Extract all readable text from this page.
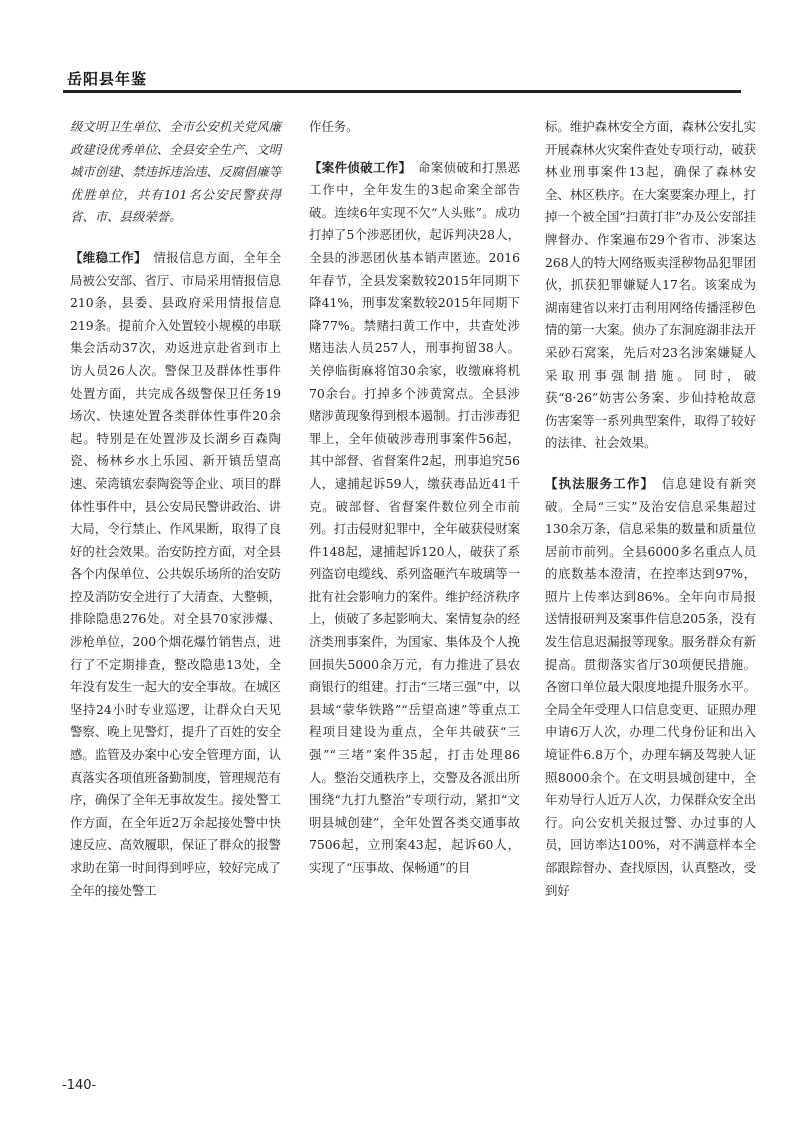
岳阳县年鉴

级文明卫生单位、全市公安机关党风廉政建设优秀单位、全县安全生产、文明城市创建、禁违拆违治违、反腐倡廉等优胜单位，共有101名公安民警获得省、市、县级荣誉。

【维稳工作】  情报信息方面，全年全局被公安部、省厅、市局采用情报信息210条，县委、县政府采用情报信息219条。提前介入处置较小规模的串联集会活动37次，劝返进京赴省到市上访人员26人次。警保卫及群体性事件处置方面，共完成各级警保卫任务19场次、快速处置各类群体性事件20余起。特别是在处置涉及长湖乡百森陶瓷、杨林乡水上乐园、新开镇岳望高速、荣湾镇宏泰陶瓷等企业、项目的群体性事件中，县公安局民警讲政治、讲大局，令行禁止、作风果断，取得了良好的社会效果。治安防控方面，对全县各个内保单位、公共娱乐场所的治安防控及消防安全进行了大清查、大整顿，排除隐患276处。对全县70家涉爆、涉枪单位，200个烟花爆竹销售点，进行了不定期排查，整改隐患13处，全年没有发生一起大的安全事故。在城区坚持24小时专业巡逻，让群众白天见警察、晚上见警灯，提升了百姓的安全感。监管及办案中心安全管理方面，认真落实各项值班备勤制度，管理规范有序，确保了全年无事故发生。接处警工作方面，在全年近2万余起接处警中快速反应、高效履职，保证了群众的报警求助在第一时间得到呼应，较好完成了全年的接处警工

作任务。

【案件侦破工作】  命案侦破和打黑恶工作中，全年发生的3起命案全部告破。连续6年实现不欠“人头账”。成功打掉了5个涉恶团伙，起诉判决28人，全县的涉恶团伙基本销声匿迹。2016年春节，全县发案数较2015年同期下降41%，刑事发案数较2015年同期下降77%。禁赌扫黄工作中，共查处涉赌违法人员257人，刑事拘留38人。关停临街麻将馆30余家，收缴麻将机70余台。打掉多个涉黄窝点。全县涉赌涉黄现象得到根本遏制。打击涉毒犯罪上，全年侦破涉毒刑事案件56起，其中部督、省督案件2起，刑事追究56人，逮捕起诉59人，缴获毒品近41千克。破部督、省督案件数位列全市前列。打击侵财犯罪中，全年破获侵财案件148起，逮捕起诉120人，破获了系列盗窃电缆线、系列盗砸汽车玻璃等一批有社会影响力的案件。维护经济秩序上，侦破了多起影响大、案情复杂的经济类刑事案件，为国家、集体及个人挽回损失5000余万元，有力推进了县农商银行的组建。打击“三堵三强”中，以县域“蒙华铁路”“岳望高速”等重点工程项目建设为重点，全年共破获“三强”“三堵”案件35起，打击处理86人。整治交通秩序上，交警及各派出所围绕“九打九整治”专项行动，紧扣“文明县城创建”，全年处置各类交通事故7506起，立刑案43起，起诉60人，实现了“压事故、保畅通”的目

标。维护森林安全方面，森林公安扎实开展森林火灾案件查处专项行动，破获林业刑事案件13起，确保了森林安全、林区秩序。在大案要案办理上，打掉一个被全国“扫黄打非”办及公安部挂牌督办、作案遍布29个省市、涉案达268人的特大网络贩卖淫秽物品犯罪团伙，抓获犯罪嫌疑人17名。该案成为湖南建省以来打击利用网络传播淫秽色情的第一大案。侦办了东洞庭湖非法开采砂石窝案，先后对23名涉案嫌疑人采取刑事强制措施。同时，破获“8·26”妨害公务案、步仙持枪故意伤害案等一系列典型案件，取得了较好的法律、社会效果。

【执法服务工作】  信息建设有新突破。全局“三实”及治安信息采集超过130余万条，信息采集的数量和质量位居前市前列。全县6000多名重点人员的底数基本澄清，在控率达到97%，照片上传率达到86%。全年向市局报送情报研判及案事件信息205条，没有发生信息迟漏报等现象。服务群众有新提高。贯彻落实省厅30项便民措施。各窗口单位最大限度地提升服务水平。全局全年受理人口信息变更、证照办理申请6万人次，办理二代身份证和出入境证件6.8万个，办理车辆及驾驶人证照8000余个。在文明县城创建中，全年劝导行人近万人次，力保群众安全出行。向公安机关报过警、办过事的人员，回访率达100%，对不满意样本全部跟踪督办、查找原因，认真整改，受到好

-140-
